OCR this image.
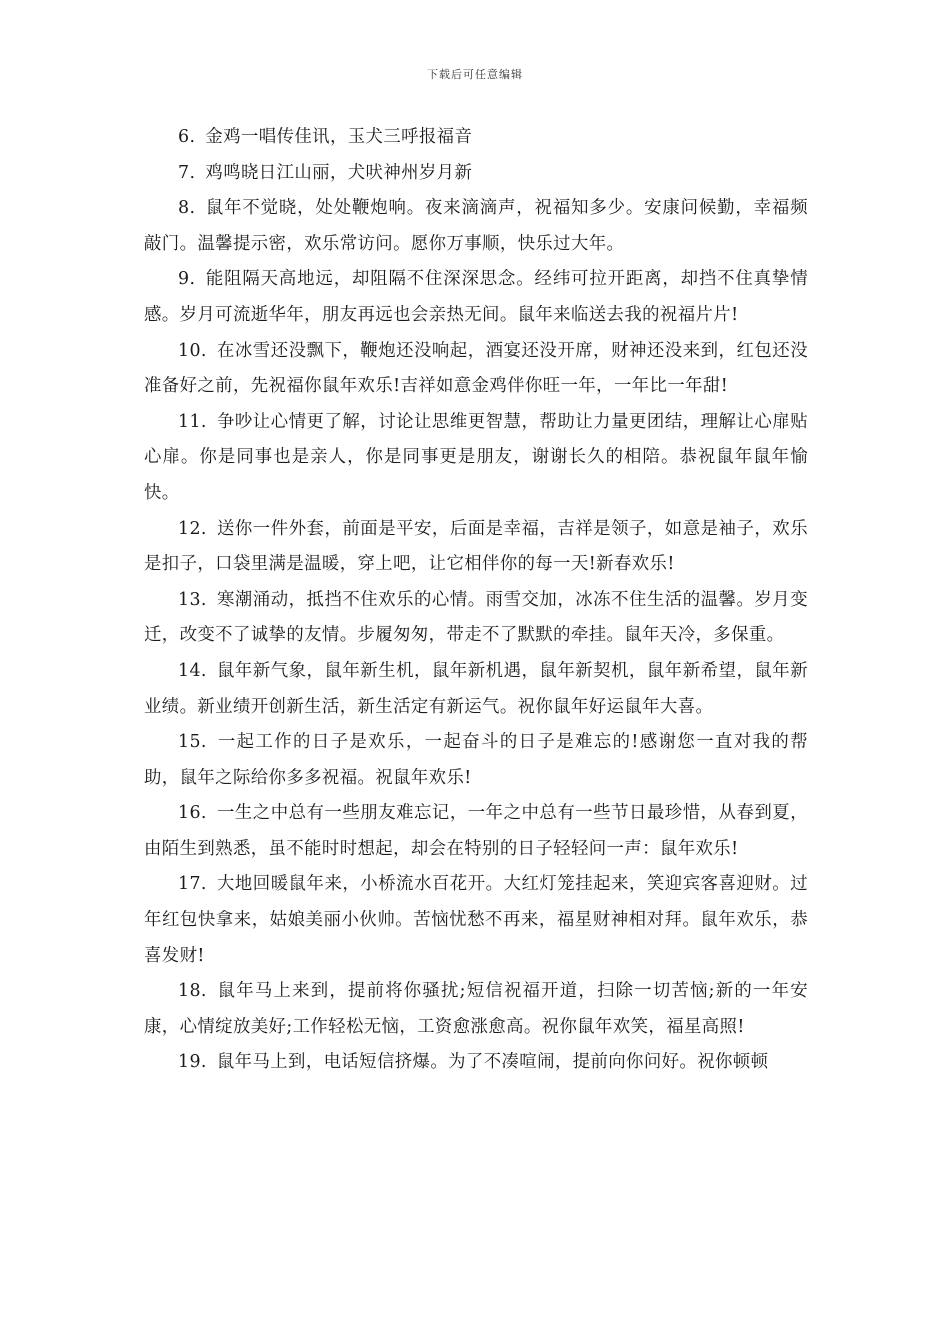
下载后可任意编辑

6. 金鸡一唱传佳讯，玉犬三呼报福音

7. 鸡鸣晓日江山丽，犬吠神州岁月新

8. 鼠年不觉晓，处处鞭炮响。夜来滴滴声，祝福知多少。安康问候勤，幸福频敲门。温馨提示密，欢乐常访问。愿你万事顺，快乐过大年。

9. 能阻隔天高地远，却阻隔不住深深思念。经纬可拉开距离，却挡不住真挚情感。岁月可流逝华年，朋友再远也会亲热无间。鼠年来临送去我的祝福片片!

10. 在冰雪还没飘下，鞭炮还没响起，酒宴还没开席，财神还没来到，红包还没准备好之前，先祝福你鼠年欢乐!吉祥如意金鸡伴你旺一年，一年比一年甜!

11. 争吵让心情更了解，讨论让思维更智慧，帮助让力量更团结，理解让心扉贴心扉。你是同事也是亲人，你是同事更是朋友，谢谢长久的相陪。恭祝鼠年鼠年愉快。

12. 送你一件外套，前面是平安，后面是幸福，吉祥是领子，如意是袖子，欢乐是扣子，口袋里满是温暖，穿上吧，让它相伴你的每一天!新春欢乐!

13. 寒潮涌动，抵挡不住欢乐的心情。雨雪交加，冰冻不住生活的温馨。岁月变迁，改变不了诚挚的友情。步履匆匆，带走不了默默的牵挂。鼠年天冷，多保重。

14. 鼠年新气象，鼠年新生机，鼠年新机遇，鼠年新契机，鼠年新希望，鼠年新业绩。新业绩开创新生活，新生活定有新运气。祝你鼠年好运鼠年大喜。

15. 一起工作的日子是欢乐，一起奋斗的日子是难忘的!感谢您一直对我的帮助，鼠年之际给你多多祝福。祝鼠年欢乐!

16. 一生之中总有一些朋友难忘记，一年之中总有一些节日最珍惜，从春到夏，由陌生到熟悉，虽不能时时想起，却会在特别的日子轻轻问一声：鼠年欢乐!

17. 大地回暖鼠年来，小桥流水百花开。大红灯笼挂起来，笑迎宾客喜迎财。过年红包快拿来，姑娘美丽小伙帅。苦恼忧愁不再来，福星财神相对拜。鼠年欢乐，恭喜发财!

18. 鼠年马上来到，提前将你骚扰;短信祝福开道，扫除一切苦恼;新的一年安康，心情绽放美好;工作轻松无恼，工资愈涨愈高。祝你鼠年欢笑，福星高照!

19. 鼠年马上到，电话短信挤爆。为了不凑喧闹，提前向你问好。祝你顿顿
